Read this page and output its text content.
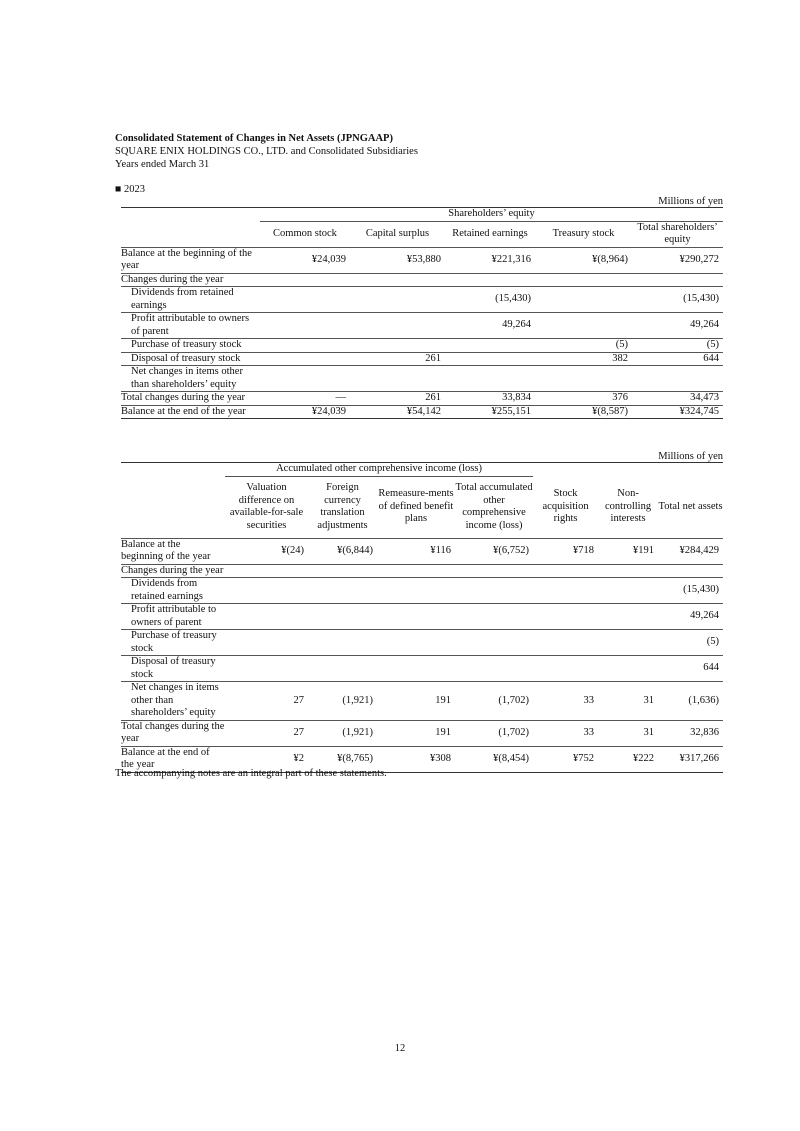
Consolidated Statement of Changes in Net Assets (JPNGAAP)
SQUARE ENIX HOLDINGS CO., LTD. and Consolidated Subsidiaries
Years ended March 31
■ 2023
Millions of yen
	Shareholders’ equity				
	Common stock	Capital surplus	Retained earnings	Treasury stock	Total shareholders’ equity
Balance at the beginning of the year	¥24,039	¥53,880	¥221,316	¥(8,964)	¥290,272
Changes during the year					
Dividends from retained earnings			(15,430)		(15,430)
Profit attributable to owners of parent			49,264		49,264
Purchase of treasury stock				(5)	(5)
Disposal of treasury stock		261		382	644
Net changes in items other than shareholders’ equity					
Total changes during the year	—	261	33,834	376	34,473
Balance at the end of the year	¥24,039	¥54,142	¥255,151	¥(8,587)	¥324,745
Millions of yen
	Accumulated other comprehensive income (loss)						
	Valuation difference on available-for-sale securities	Foreign currency translation adjustments	Remeasure-ments of defined benefit plans	Total accumulated other comprehensive income (loss)	Stock acquisition rights	Non-controlling interests	Total net assets
Balance at the beginning of the year	¥(24)	¥(6,844)	¥116	¥(6,752)	¥718	¥191	¥284,429
Changes during the year							
Dividends from retained earnings							(15,430)
Profit attributable to owners of parent							49,264
Purchase of treasury stock							(5)
Disposal of treasury stock							644
Net changes in items other than shareholders’ equity	27	(1,921)	191	(1,702)	33	31	(1,636)
Total changes during the year	27	(1,921)	191	(1,702)	33	31	32,836
Balance at the end of the year	¥2	¥(8,765)	¥308	¥(8,454)	¥752	¥222	¥317,266
The accompanying notes are an integral part of these statements.
12
